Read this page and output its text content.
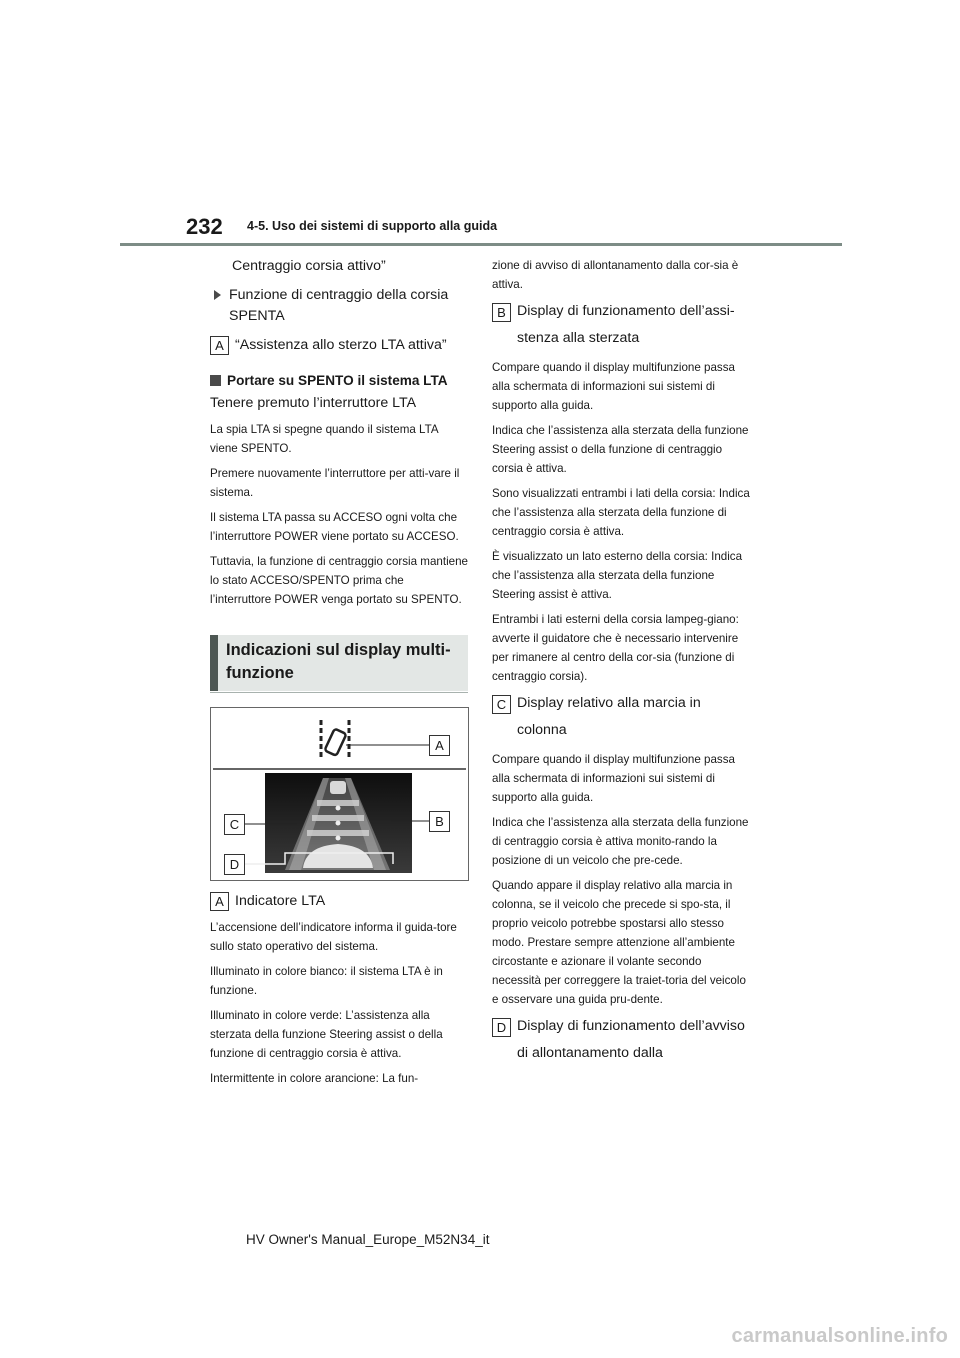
232 4-5. Uso dei sistemi di supporto alla guida

Centraggio corsia attivo”

Funzione di centraggio della corsia SPENTA
A “Assistenza allo sterzo LTA attiva”
Portare su SPENTO il sistema LTA

Tenere premuto l’interruttore LTA

La spia LTA si spegne quando il sistema LTA viene SPENTO.

Premere nuovamente l’interruttore per atti-vare il sistema.

Il sistema LTA passa su ACCESO ogni volta che l’interruttore POWER viene portato su ACCESO.

Tuttavia, la funzione di centraggio corsia mantiene lo stato ACCESO/SPENTO prima che l’interruttore POWER venga portato su SPENTO.

Indicazioni sul display multi-funzione
A
B
C
D
A Indicatore LTA

L’accensione dell’indicatore informa il guida-tore sullo stato operativo del sistema.

Illuminato in colore bianco: il sistema LTA è in funzione.

Illuminato in colore verde: L’assistenza alla sterzata della funzione Steering assist o della funzione di centraggio corsia è attiva.

Intermittente in colore arancione: La fun-

zione di avviso di allontanamento dalla cor-sia è attiva.

B Display di funzionamento dell’assi-stenza alla sterzata

Compare quando il display multifunzione passa alla schermata di informazioni sui sistemi di supporto alla guida.

Indica che l’assistenza alla sterzata della funzione Steering assist o della funzione di centraggio corsia è attiva.

Sono visualizzati entrambi i lati della corsia: Indica che l’assistenza alla sterzata della funzione di centraggio corsia è attiva.

È visualizzato un lato esterno della corsia: Indica che l’assistenza alla sterzata della funzione Steering assist è attiva.

Entrambi i lati esterni della corsia lampeg-giano: avverte il guidatore che è necessario intervenire per rimanere al centro della cor-sia (funzione di centraggio corsia).

C Display relativo alla marcia in colonna

Compare quando il display multifunzione passa alla schermata di informazioni sui sistemi di supporto alla guida.

Indica che l’assistenza alla sterzata della funzione di centraggio corsia è attiva monito-rando la posizione di un veicolo che pre-cede.

Quando appare il display relativo alla marcia in colonna, se il veicolo che precede si spo-sta, il proprio veicolo potrebbe spostarsi allo stesso modo. Prestare sempre attenzione all’ambiente circostante e azionare il volante secondo necessità per correggere la traiet-toria del veicolo e osservare una guida pru-dente.

D Display di funzionamento dell’avviso di allontanamento dalla
HV Owner's Manual_Europe_M52N34_it
carmanualsonline.info
